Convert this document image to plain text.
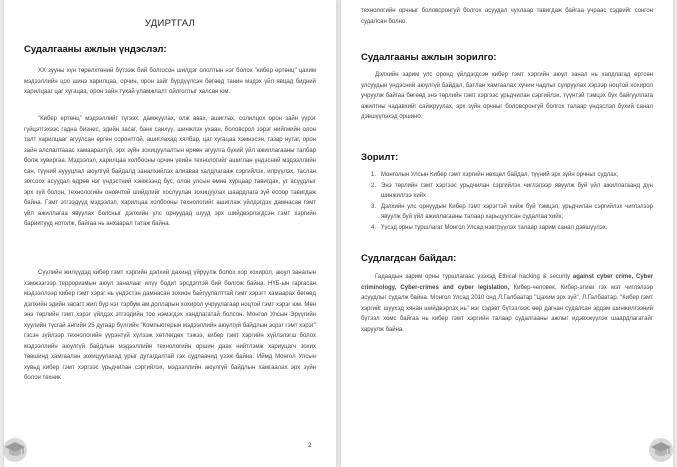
УДИРТГАЛ
Судалгааны ажлын үндэслэл:

XX зууны хүн төрөлхтөний бүтээж бий болгосон шилдэг ололтын нэг болох "кибер ертөнц" цахим мэдээллийн цоо шинэ харилцаа, орчин, орон зайг бүрдүүлсэн бөгөөд танин мэдэх үйл явцад бидний харилцааг цаг хугацаа, орон зайн тухай уламжлалт ойлголтыг халсан юм.

"Кибер ертөнц" мэдээллийг түгээх, дамжуулах, олж авах, ашиглах, солилцох орон зайн үүрэг гүйцэтгэхээс гадна бизнес, эдийн засаг, банк санхүү, шинжлэх ухаан, боловсрол зэрэг нийгмийн олон талт харилцааг агуулсан өргөн соронттой, ашиглахад хялбар, цаг хугацаа хэмнэсэн, газар нутаг, орон зайн алслалтааас хамаарахгүй, эрх зүйн зохицуулалтын өрнөн агуулга бүхий үйл ажиллагааны талбар болж хувиргаа. Мэдээлэл, харилцаа холбооны орчин үеийн технологийг ашиглан үндэсний мэдээллийн сан, түүний нуууцлал аюулгүй байдалд заналхийлэх алиаваа халдлагааж сэргийлэх, илрүүлэх, таслан зогсоох асуудал өдрөө нэг үндэстний хэмжээнд бус, олон улсын өмнө хурцаар тавигдах, уг асуудлыг эрх зүй болон, технологийн оновчтой шийдлийг хослуулан зохицуулах шаардлага зүй ёсоор тавигдаж байна. Гэмт этгээдүүд мэдээлэл, харилцаа холбооны технологийг ашиглаж үйлдэгдэх дамнасан гэмт үйл ажиллагаа явуулах болсныг дэлхийн улс орнуудад шууд эрх шийдвэрлэгдсэн гэмт хэргийн бариитууд нотолж, байгаа нь анхаарал татаж байна.

Сүүлийн жилүүдэд кибер гэмт хэргийн дэлхий дахинд үйрүүлж болох хор хохирол, аюул заналын хэмжээгээр терроризмын аюул заналааг илүү бодит эрсдэлтэй бий болгож байна. НҮБ-ын гаргасан мэдээллээр кибер гэмт хэрэг нь үндэстэн дамнасан зохион байгуулалттай гэмт хэрэгт хамаарах бөгөөд дэлхийн эдийн засагт жил бүр нэг тэрбум ам.долларын хохирол учруулагаар ноцтой гэмт хэрэг юм. Мөн энэ төрлийн гэмт хэрэг үйлдэх этгээдийн тоо нэмэгдэх хандлагатай болсон. Монгол Улсын Эрүүгийн хуулийн түсгай ангийн 25 дугаар бүлгийн "Компьютерын мэдээллийн аюулгүй байдлын эсрэг гэмт хэрэг" гэсэн зүйлээр технологийн үүрэнтүй хүлээж хөтлөгдөх тэжээ, кибер гэмт хэргийн хүйлэлэгш болох мэдээллийн аюулгүй байдлын мэдээллийн технологийн оршин даах нийтлэмж хариуцагч зохих төвшинд хамгаалан зохицуулахад урыг дутагдалтай гэх судлаачид узэж байна. Иймд Монгол Улсын хувьд кибер гэмт хэргээс урьдчилан сэргийлэх, мэдээллийн аюулгүй байдлын хамгаалах эрх зүйн болон техник

2

технологийн орчныг боловсронгуй болгох асуудал чухлаар тавигдаж байгаа учраас сэдвийг сонгон судалсан болно.

Судалгааны ажлын зорилго:

Дэлхийн зарим улс оронд үйлдэгдсэн кибер гэмт хэргийн аюул занал нь хапдлагад өртсөн улсуудын үндэсний аюулгүй байдал, батлан хамгаалах хүчин чадлыг сулруулах хэрээр ноцтой хохирол учруулж байгаа бөгөөд энэ төрлийн гэмт хэргээс урьдчилан сэргийлэх, түүнтэй тэмцэх бүх байгууллага ажилтны чадавхийг сайжруулах, эрх зүйн орчныг боловсронгуй болгох талаар үндэслэл бүхий санал дэвшүүлэхэд оршино.

Зорилт:
1. Монголын Улсын Кибер гэмт хэргийн нөхцөл байдал, түүний эрх зүйн орчныг судлах;
2. Энэ төрлийн гэмт хэргээс урьдчилан сэргийлэх чиглэлээр явуулж буй үйл ажиллагаанд дүн шинжилгээ хийх
3. Дэлхийн улс орнуудын Кибер гэмт хэрэгтэй хийж буй тэмцэл, урьдчилан сэргийлэх чиглэлээр явуулж буй үйл ажиллагааны талаар харьцуулсан судалгаа хийх;
4. Үүсэд орны туршлагаг Монгол Улсад нэвтрүүлэх талаар зарим санал дэвшүүлэх.
Судлагдсан байдал:

Гадаадын зарим орны туршлагаас үзэхэд Ethical hacking & security against cyber crime, Cyber criminology, Cyber-crimes and cyber legislation, Кибер-человек, Кибер-этики гэх мэт чиглэлээр асуудлыг судалж байна. Монгол Улсад 2010 онд Л.Галбаатар "Цахим эрх зүй", Л.Галбаатар. "Кибер гэмт хэргийг шуухэд хянан шийдвэрлэх нь" нэг сэдэвт бүтээлээс өөр дагнан судалсан эрдэм шинжилгээний бүтээл хомс байгаа нь кибер гэмт хэргийн талаар судалгааны ажлыг идэвхжүүлэх шаардлагатайг харуулж байна.
